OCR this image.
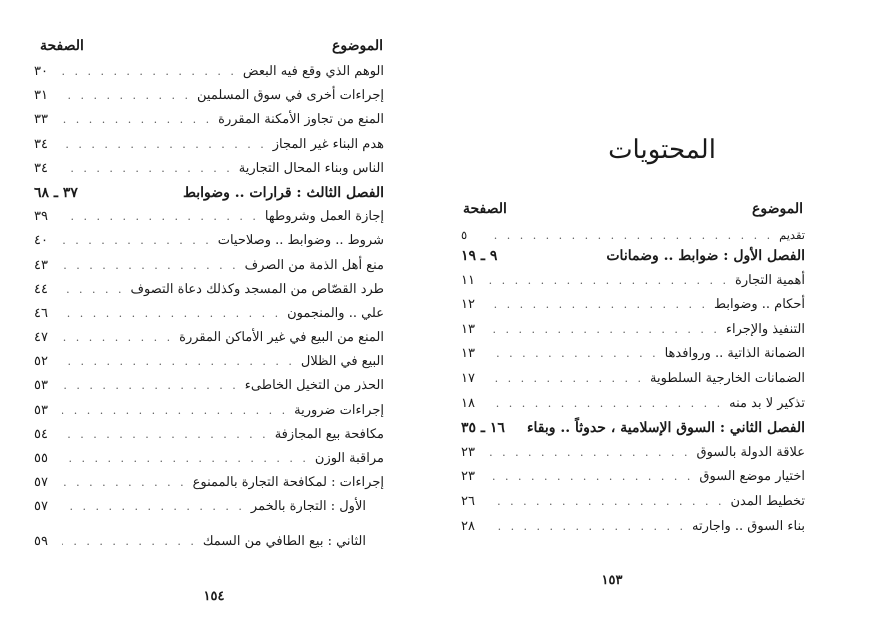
الموضوع
الصفحة
الوهم الذي وقع فيه البعض
. . .
٣٠
إجراءات أخرى في سوق المسلمين
. . .
٣١
المنع من تجاوز الأمكنة المقررة
. . .
٣٣
هدم البناء غير المجاز
. . .
٣٤
الناس وبناء المحال التجارية
. . .
٣٤
الفصل الثالث : قرارات .. وضوابط
٣٧ ـ ٦٨
إجازة العمل وشروطها
. . .
٣٩
شروط .. وضوابط .. وصلاحيات
. . .
٤٠
منع أهل الذمة من الصرف
. . .
٤٣
طرد القصّاص من المسجد وكذلك دعاة التصوف
. . .
٤٤
علي .. والمنجمون
. . .
٤٦
المنع من البيع في غير الأماكن المقررة
. . .
٤٧
البيع في الظلال
. . .
٥٢
الحذر من التخيل الخاطىء
. . .
٥٣
إجراءات ضرورية
. . .
٥٣
مكافحة بيع المجازفة
. . .
٥٤
مراقبة الوزن
. . .
٥٥
إجراءات : لمكافحة التجارة بالممنوع
. . .
٥٧
الأول : التجارة بالخمر
. . .
٥٧
الثاني : بيع الطافي من السمك
. . .
٥٩
١٥٤
المحتويات
الموضوع
الصفحة
تقديم
. . .
٥
الفصل الأول : ضوابط .. وضمانات
٩ ـ ١٩
أهمية التجارة
. . .
١١
أحكام .. وضوابط
. . .
١٢
التنفيذ والإجراء
. . .
١٣
الضمانة الذاتية .. وروافدها
. . .
١٣
الضمانات الخارجية السلطوية
. . .
١٧
تذكير لا بد منه
. . .
١٨
الفصل الثاني : السوق الإسلامية ، حدوثاً .. وبقاء
١٦ ـ ٣٥
علاقة الدولة بالسوق
. . .
٢٣
اختيار موضع السوق
. . .
٢٣
تخطيط المدن
. . .
٢٦
بناء السوق .. واجارته
. . .
٢٨
١٥٣
